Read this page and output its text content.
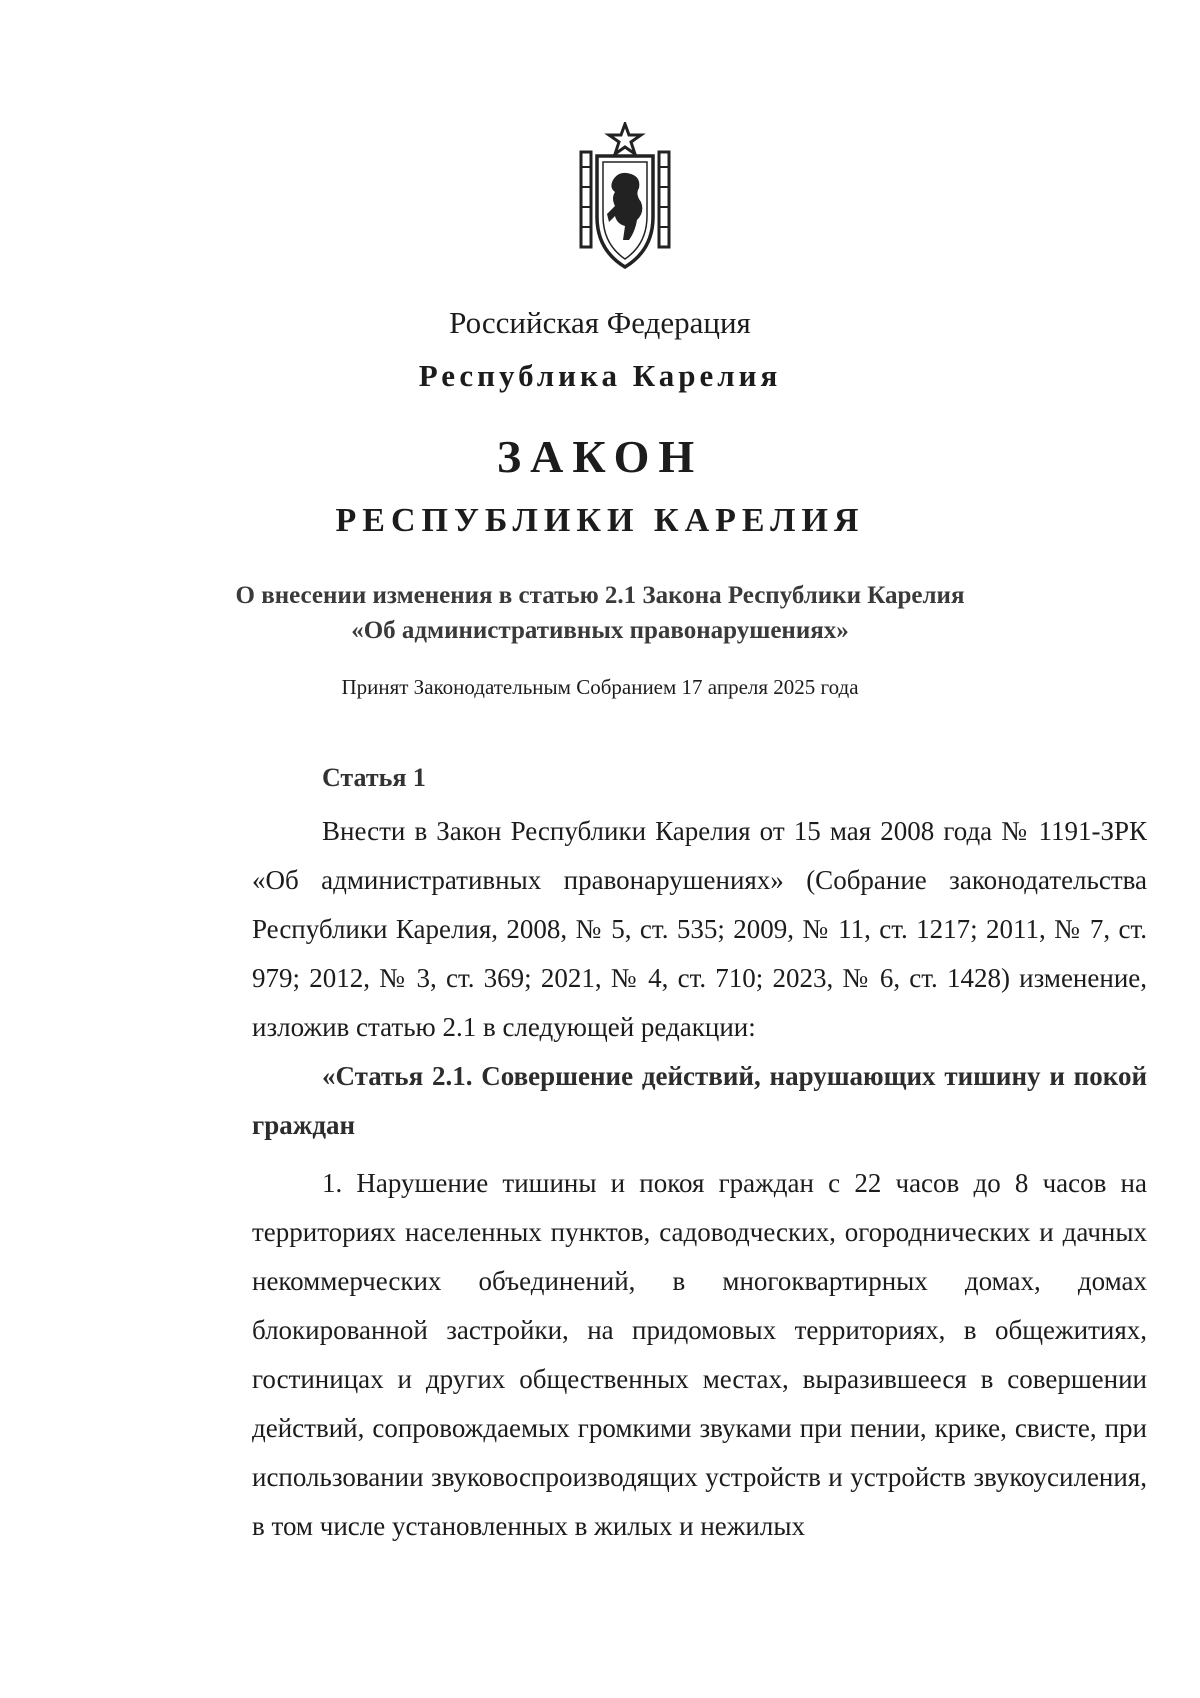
Российская Федерация
Республика Карелия
ЗАКОН
РЕСПУБЛИКИ КАРЕЛИЯ
О внесении изменения в статью 2.1 Закона Республики Карелия
«Об административных правонарушениях»
Принят Законодательным Собранием 17 апреля 2025 года
Статья 1

Внести в Закон Республики Карелия от 15 мая 2008 года № 1191-ЗРК «Об административных правонарушениях» (Собрание законодательства Республики Карелия, 2008, № 5, ст. 535; 2009, № 11, ст. 1217; 2011, № 7, ст. 979; 2012, № 3, ст. 369; 2021, № 4, ст. 710; 2023, № 6, ст. 1428) изменение, изложив статью 2.1 в следующей редакции:

«Статья 2.1. Совершение действий, нарушающих тишину и покой граждан

1. Нарушение тишины и покоя граждан с 22 часов до 8 часов на территориях населенных пунктов, садоводческих, огороднических и дачных некоммерческих объединений, в многоквартирных домах, домах блокированной застройки, на придомовых территориях, в общежитиях, гостиницах и других общественных местах, выразившееся в совершении действий, сопровождаемых громкими звуками при пении, крике, свисте, при использовании звуковоспроизводящих устройств и устройств звукоусиления, в том числе установленных в жилых и нежилых
